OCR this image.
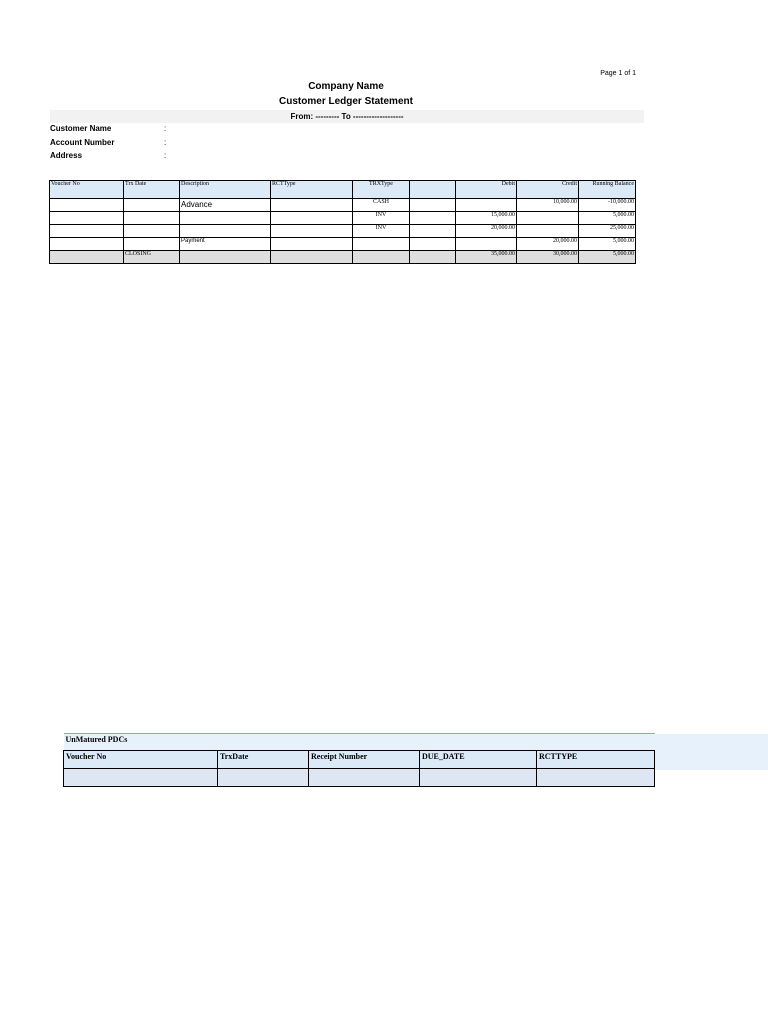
Page 1 of 1
Company Name
Customer Ledger Statement
From: --------- To -------------------
Customer Name	:
Account Number	:
Address	:
Voucher No	Trx Date	Description	RCTType	TRXType		Debit	Credit	Running Balance
		Advance		CASH			10,000.00	-10,000.00
				INV		15,000.00		5,000.00
				INV		20,000.00		25,000.00
		Payment					20,000.00	5,000.00
	CLOSING					35,000.00	30,000.00	5,000.00
UnMatured PDCs				
Voucher No	TrxDate	Receipt Number	DUE_DATE	RCTTYPE
